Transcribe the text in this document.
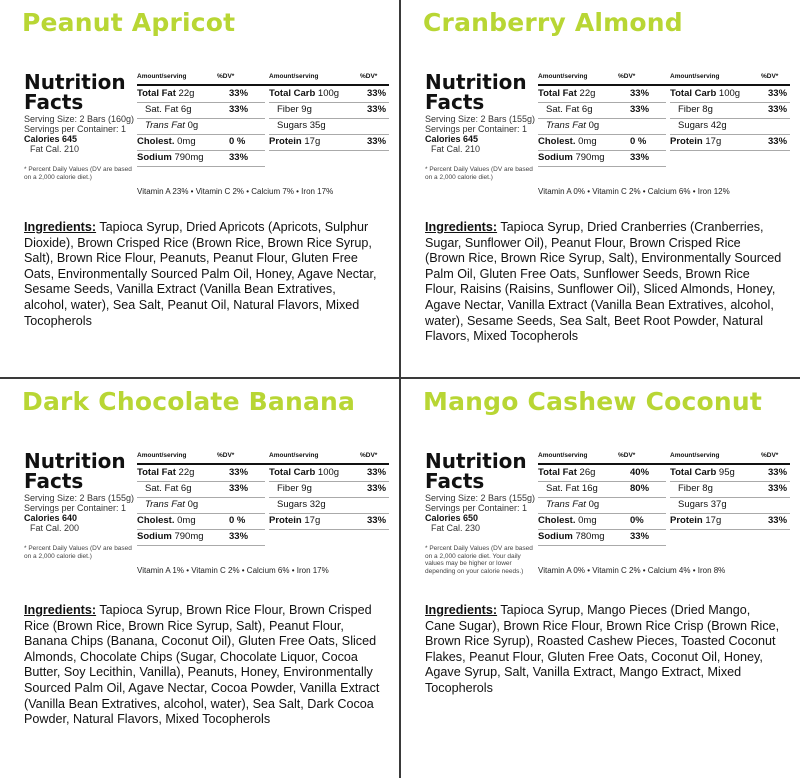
Peanut Apricot
Nutrition
Facts
Serving Size: 2 Bars (160g)
Servings per Container: 1
Calories 645
Fat Cal. 210
* Percent Daily Values (DV are based on a 2,000 calorie diet.)
Amount/serving	%DV*	Amount/serving	%DV*
Total Fat 22g	33% Total Carb 100g	33%
Sat. Fat 6g	33%	Fiber 9g	33%
Trans Fat 0g	Sugars 35g
Cholest. 0mg	0 % Protein 17g	33%
Sodium 790mg	33%
Vitamin A 23% • Vitamin C 2% • Calcium 7% • Iron 17%
Ingredients: Tapioca Syrup, Dried Apricots (Apricots, Sulphur Dioxide), Brown Crisped Rice (Brown Rice, Brown Rice Syrup, Salt), Brown Rice Flour, Peanuts, Peanut Flour, Gluten Free Oats, Environmentally Sourced Palm Oil, Honey, Agave Nectar, Sesame Seeds, Vanilla Extract (Vanilla Bean Extratives, alcohol, water), Sea Salt, Peanut Oil, Natural Flavors, Mixed Tocopherols
Cranberry Almond
Nutrition
Facts
Serving Size: 2 Bars (155g)
Servings per Container: 1
Calories 645
Fat Cal. 210
* Percent Daily Values (DV are based on a 2,000 calorie diet.)
Amount/serving	%DV*	Amount/serving	%DV*
Total Fat 22g	33% Total Carb 100g	33%
Sat. Fat 6g	33%	Fiber 8g	33%
Trans Fat 0g	Sugars 42g
Cholest. 0mg	0 % Protein 17g	33%
Sodium 790mg	33%
Vitamin A 0% • Vitamin C 2% • Calcium 6% • Iron 12%
Ingredients: Tapioca Syrup, Dried Cranberries (Cranberries, Sugar, Sunflower Oil), Peanut Flour, Brown Crisped Rice (Brown Rice, Brown Rice Syrup, Salt), Environmentally Sourced Palm Oil, Gluten Free Oats, Sunflower Seeds, Brown Rice Flour, Raisins (Raisins, Sunflower Oil), Sliced Almonds, Honey, Agave Nectar, Vanilla Extract (Vanilla Bean Extratives, alcohol, water), Sesame Seeds, Sea Salt, Beet Root Powder, Natural Flavors, Mixed Tocopherols
Dark Chocolate Banana
Nutrition
Facts
Serving Size: 2 Bars (155g)
Servings per Container: 1
Calories 640
Fat Cal. 200
* Percent Daily Values (DV are based on a 2,000 calorie diet.)
Amount/serving	%DV*	Amount/serving	%DV*
Total Fat 22g	33% Total Carb 100g	33%
Sat. Fat 6g	33%	Fiber 9g	33%
Trans Fat 0g	Sugars 32g
Cholest. 0mg	0 % Protein 17g	33%
Sodium 790mg	33%
Vitamin A 1% • Vitamin C 2% • Calcium 6% • Iron 17%
Ingredients: Tapioca Syrup, Brown Rice Flour, Brown Crisped Rice (Brown Rice, Brown Rice Syrup, Salt), Peanut Flour, Banana Chips (Banana, Coconut Oil), Gluten Free Oats, Sliced Almonds, Chocolate Chips (Sugar, Chocolate Liquor, Cocoa Butter, Soy Lecithin, Vanilla), Peanuts, Honey, Environmentally Sourced Palm Oil, Agave Nectar, Cocoa Powder, Vanilla Extract (Vanilla Bean Extratives, alcohol, water), Sea Salt, Dark Cocoa Powder, Natural Flavors, Mixed Tocopherols
Mango Cashew Coconut
Nutrition
Facts
Serving Size: 2 Bars (155g)
Servings per Container: 1
Calories 650
Fat Cal. 230
* Percent Daily Values (DV are based on a 2,000 calorie diet. Your daily values may be higher or lower depending on your calorie needs.)
Amount/serving	%DV*	Amount/serving	%DV*
Total Fat 26g	40% Total Carb 95g	33%
Sat. Fat 16g	80%	Fiber 8g	33%
Trans Fat 0g	Sugars 37g
Cholest. 0mg	0%	Protein 17g	33%
Sodium 780mg	33%
Vitamin A 0% • Vitamin C 2% • Calcium 4% • Iron 8%
Ingredients: Tapioca Syrup, Mango Pieces (Dried Mango, Cane Sugar), Brown Rice Flour, Brown Rice Crisp (Brown Rice, Brown Rice Syrup), Roasted Cashew Pieces, Toasted Coconut Flakes, Peanut Flour, Gluten Free Oats, Coconut Oil, Honey, Agave Syrup, Salt, Vanilla Extract, Mango Extract, Mixed Tocopherols
